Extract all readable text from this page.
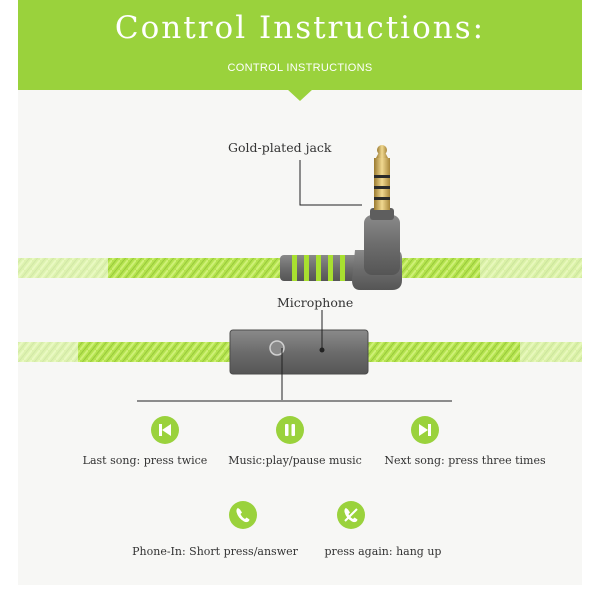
Control Instructions:
CONTROL INSTRUCTIONS
Gold-plated jack
Microphone
Last song: press twice	Music:play/pause music	Next song: press three times
Phone-In: Short press/answer	press again: hang up
